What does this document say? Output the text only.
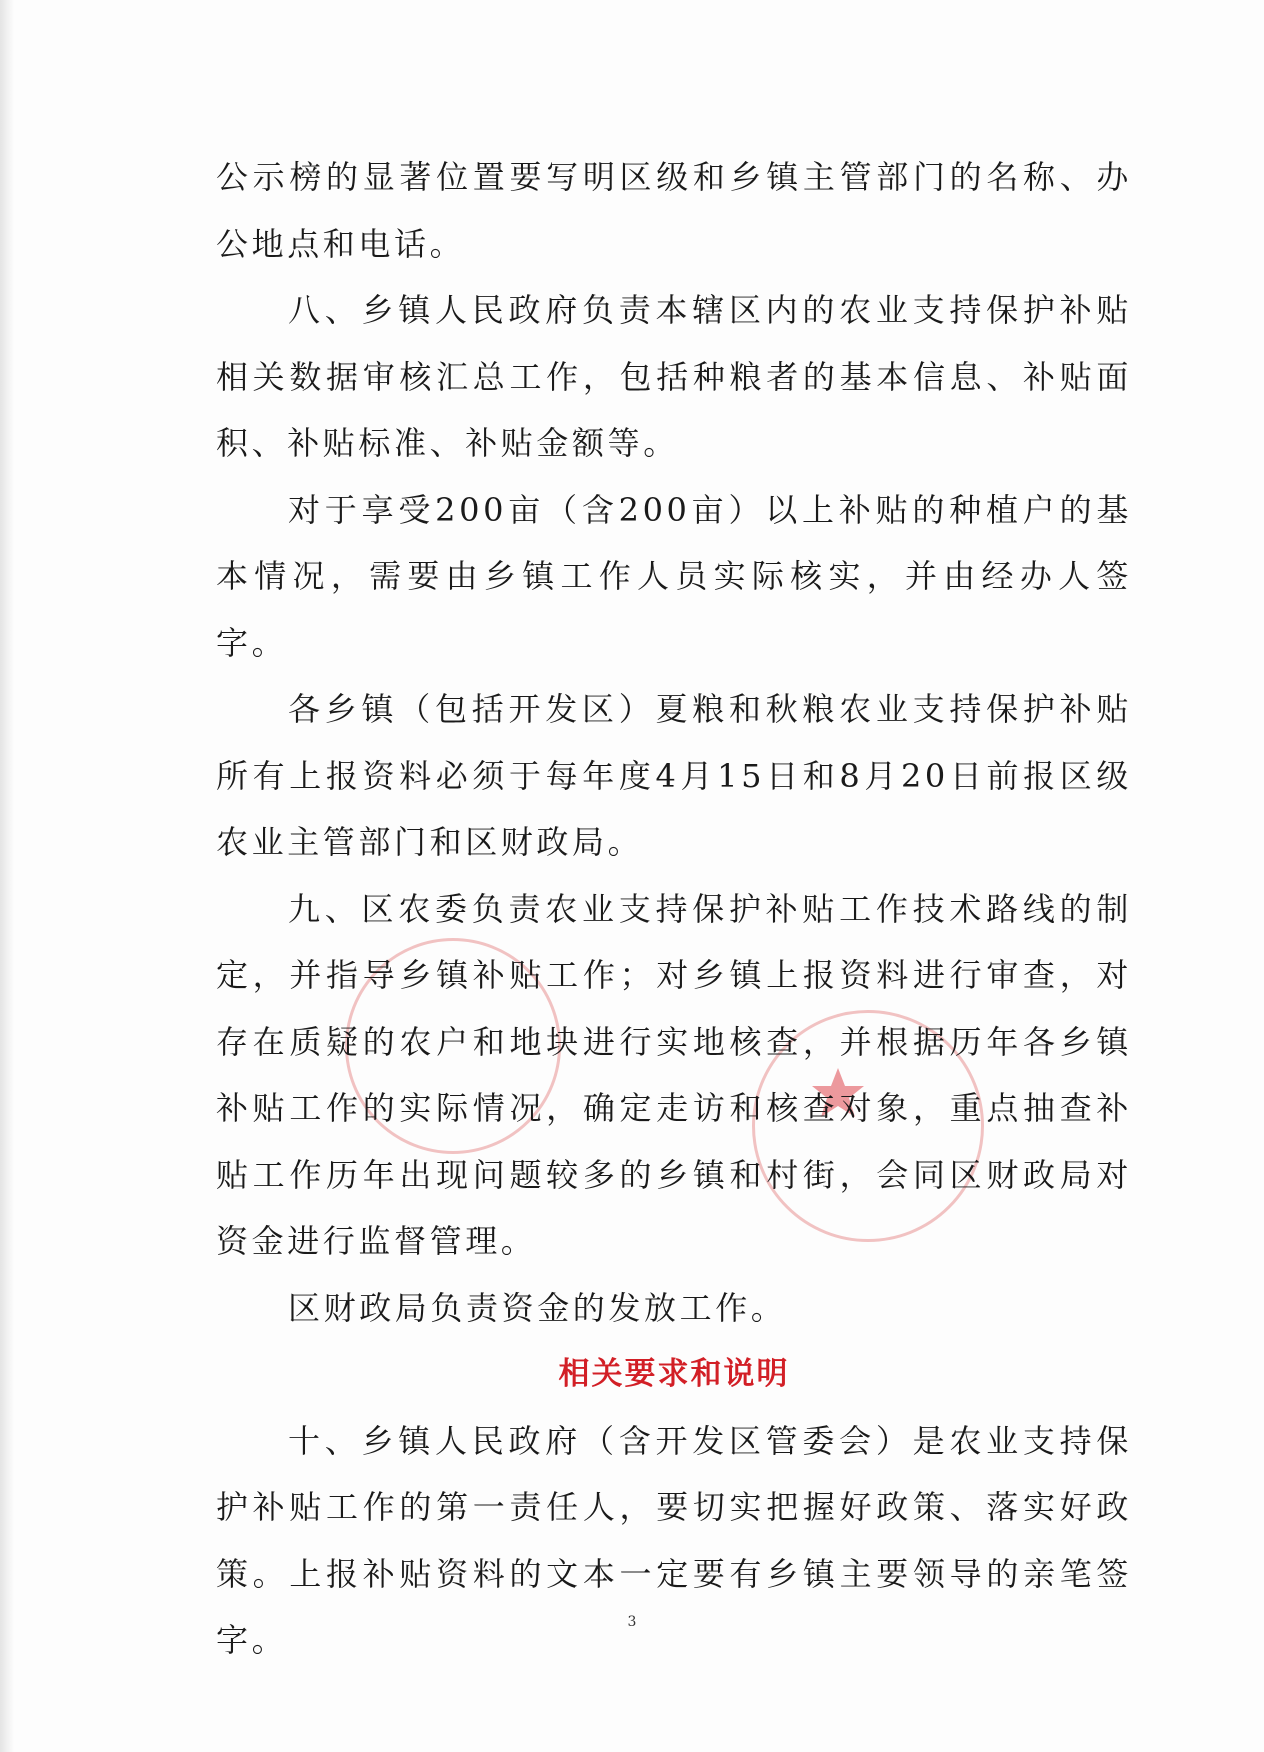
公示榜的显著位置要写明区级和乡镇主管部门的名称、办公地点和电话。

八、乡镇人民政府负责本辖区内的农业支持保护补贴相关数据审核汇总工作，包括种粮者的基本信息、补贴面积、补贴标准、补贴金额等。

对于享受200亩（含200亩）以上补贴的种植户的基本情况，需要由乡镇工作人员实际核实，并由经办人签字。

各乡镇（包括开发区）夏粮和秋粮农业支持保护补贴所有上报资料必须于每年度4月15日和8月20日前报区级农业主管部门和区财政局。

九、区农委负责农业支持保护补贴工作技术路线的制定，并指导乡镇补贴工作；对乡镇上报资料进行审查，对存在质疑的农户和地块进行实地核查，并根据历年各乡镇补贴工作的实际情况，确定走访和核查对象，重点抽查补贴工作历年出现问题较多的乡镇和村街，会同区财政局对资金进行监督管理。

区财政局负责资金的发放工作。

相关要求和说明

十、乡镇人民政府（含开发区管委会）是农业支持保护补贴工作的第一责任人，要切实把握好政策、落实好政策。上报补贴资料的文本一定要有乡镇主要领导的亲笔签字。	3
